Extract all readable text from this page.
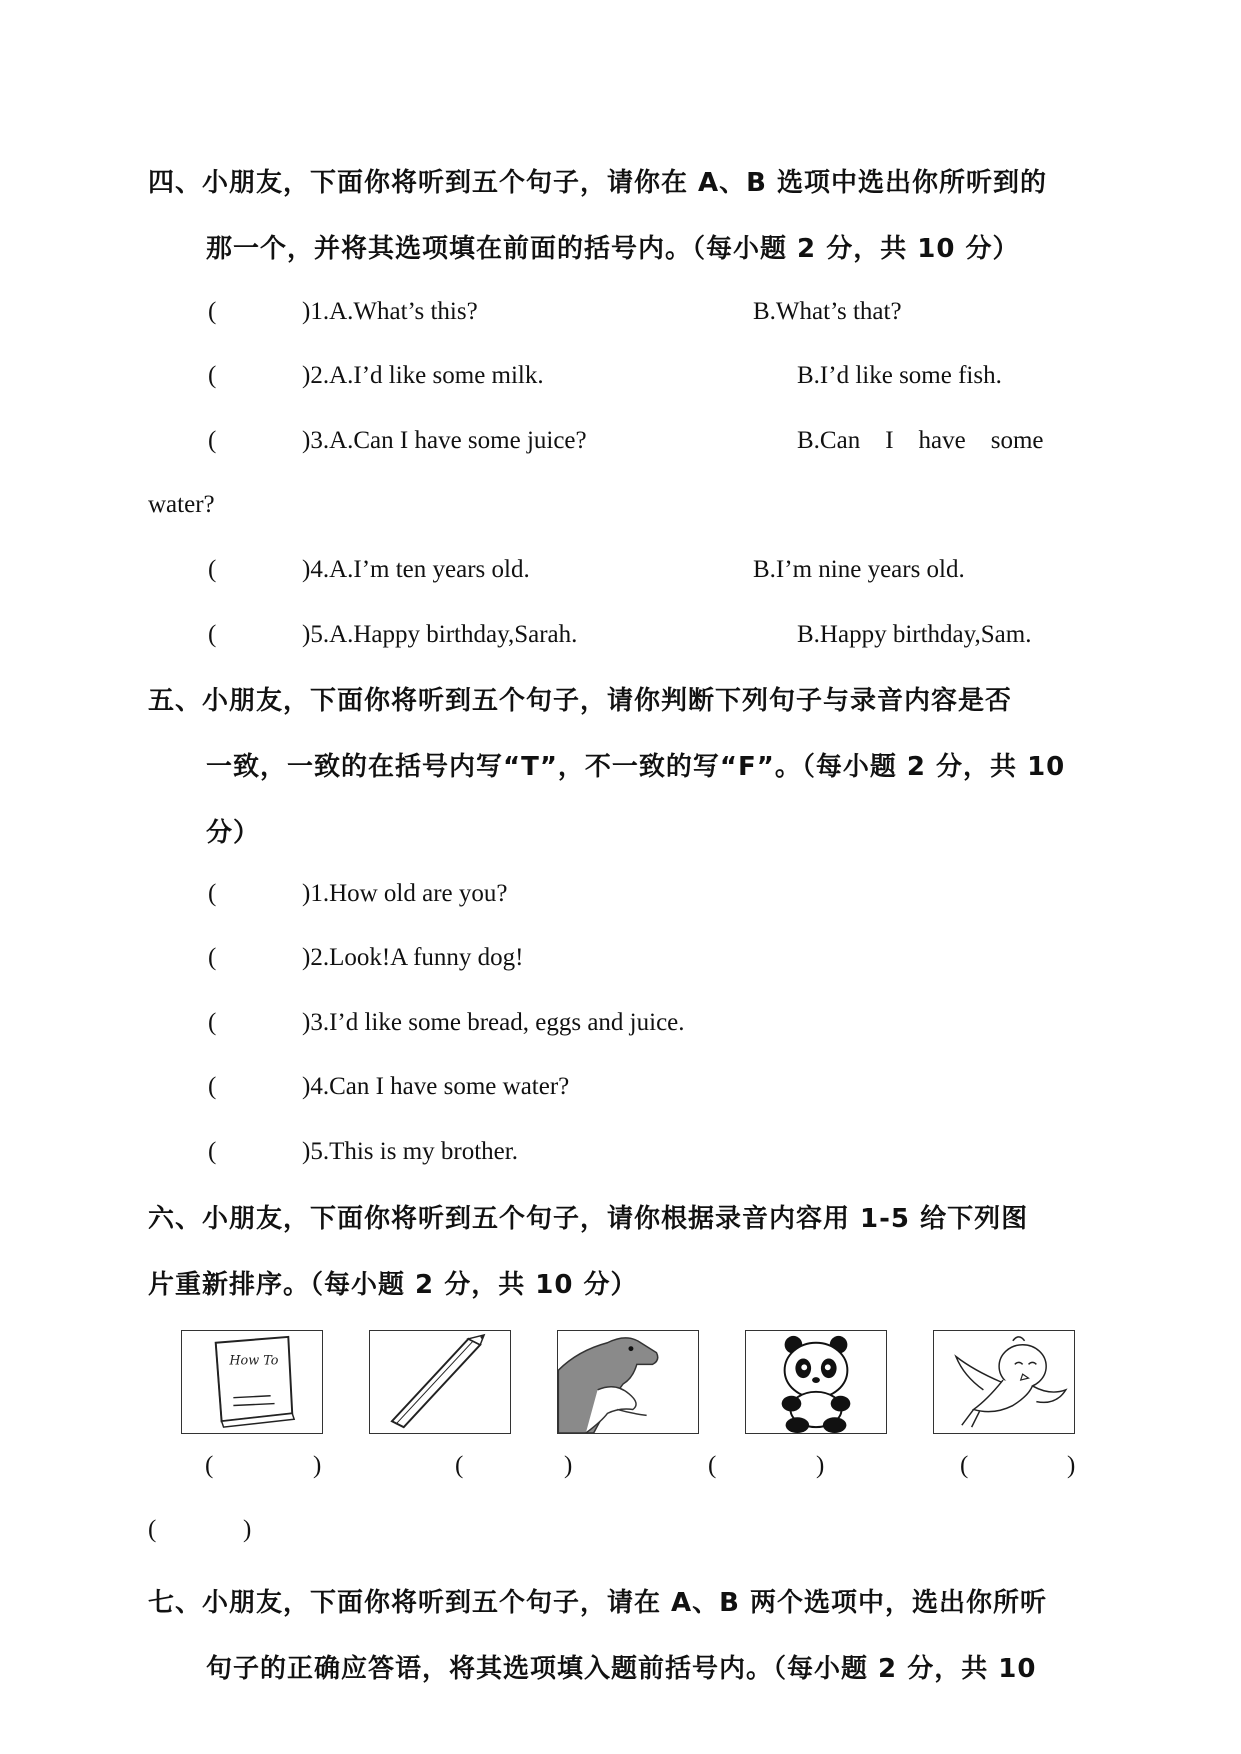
四、小朋友，下面你将听到五个句子，请你在 A、B 选项中选出你所听到的
那一个，并将其选项填在前面的括号内。（每小题 2 分，共 10 分）
(	)1.A.What’s this?	B.What’s that?
(	)2.A.I’d like some milk.	B.I’d like some fish.
(	)3.A.Can I have some juice?	B.Can    I    have    some
water?
(	)4.A.I’m ten years old.	B.I’m nine years old.
(	)5.A.Happy birthday,Sarah.	B.Happy birthday,Sam.
五、小朋友，下面你将听到五个句子，请你判断下列句子与录音内容是否
一致，一致的在括号内写“T”，不一致的写“F”。（每小题 2 分，共 10
分）
(	)1.How old are you?
(	)2.Look!A funny dog!
(	)3.I’d like some bread, eggs and juice.
(	)4.Can I have some water?
(	)5.This is my brother.
六、小朋友，下面你将听到五个句子，请你根据录音内容用 1-5 给下列图
片重新排序。（每小题 2 分，共 10 分）
How To
(	)	(	)	(	)	(	)
(	)
七、小朋友，下面你将听到五个句子，请在 A、B 两个选项中，选出你所听
句子的正确应答语，将其选项填入题前括号内。（每小题 2 分，共 10
